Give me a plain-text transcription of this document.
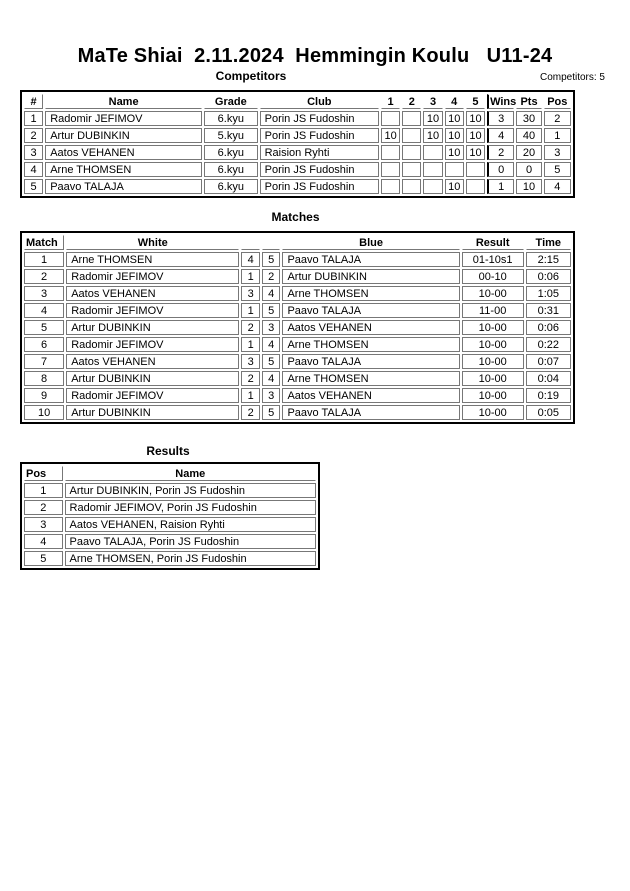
MaTe Shiai  2.11.2024  Hemmingin Koulu   U11-24
Competitors	Competitors: 5
#	Name	Grade	Club	1	2	3	4	5	Wins	Pts	Pos
1	Radomir JEFIMOV	6.kyu	Porin JS Fudoshin			10	10	10	3	30	2
2	Artur DUBINKIN	5.kyu	Porin JS Fudoshin	10		10	10	10	4	40	1
3	Aatos VEHANEN	6.kyu	Raision Ryhti				10	10	2	20	3
4	Arne THOMSEN	6.kyu	Porin JS Fudoshin						0	0	5
5	Paavo TALAJA	6.kyu	Porin JS Fudoshin				10		1	10	4
Matches
Match	White			Blue	Result	Time
1	Arne THOMSEN	4	5	Paavo TALAJA	01-10s1	2:15
2	Radomir JEFIMOV	1	2	Artur DUBINKIN	00-10	0:06
3	Aatos VEHANEN	3	4	Arne THOMSEN	10-00	1:05
4	Radomir JEFIMOV	1	5	Paavo TALAJA	11-00	0:31
5	Artur DUBINKIN	2	3	Aatos VEHANEN	10-00	0:06
6	Radomir JEFIMOV	1	4	Arne THOMSEN	10-00	0:22
7	Aatos VEHANEN	3	5	Paavo TALAJA	10-00	0:07
8	Artur DUBINKIN	2	4	Arne THOMSEN	10-00	0:04
9	Radomir JEFIMOV	1	3	Aatos VEHANEN	10-00	0:19
10	Artur DUBINKIN	2	5	Paavo TALAJA	10-00	0:05
Results
Pos	Name
1	Artur DUBINKIN, Porin JS Fudoshin
2	Radomir JEFIMOV, Porin JS Fudoshin
3	Aatos VEHANEN, Raision Ryhti
4	Paavo TALAJA, Porin JS Fudoshin
5	Arne THOMSEN, Porin JS Fudoshin
